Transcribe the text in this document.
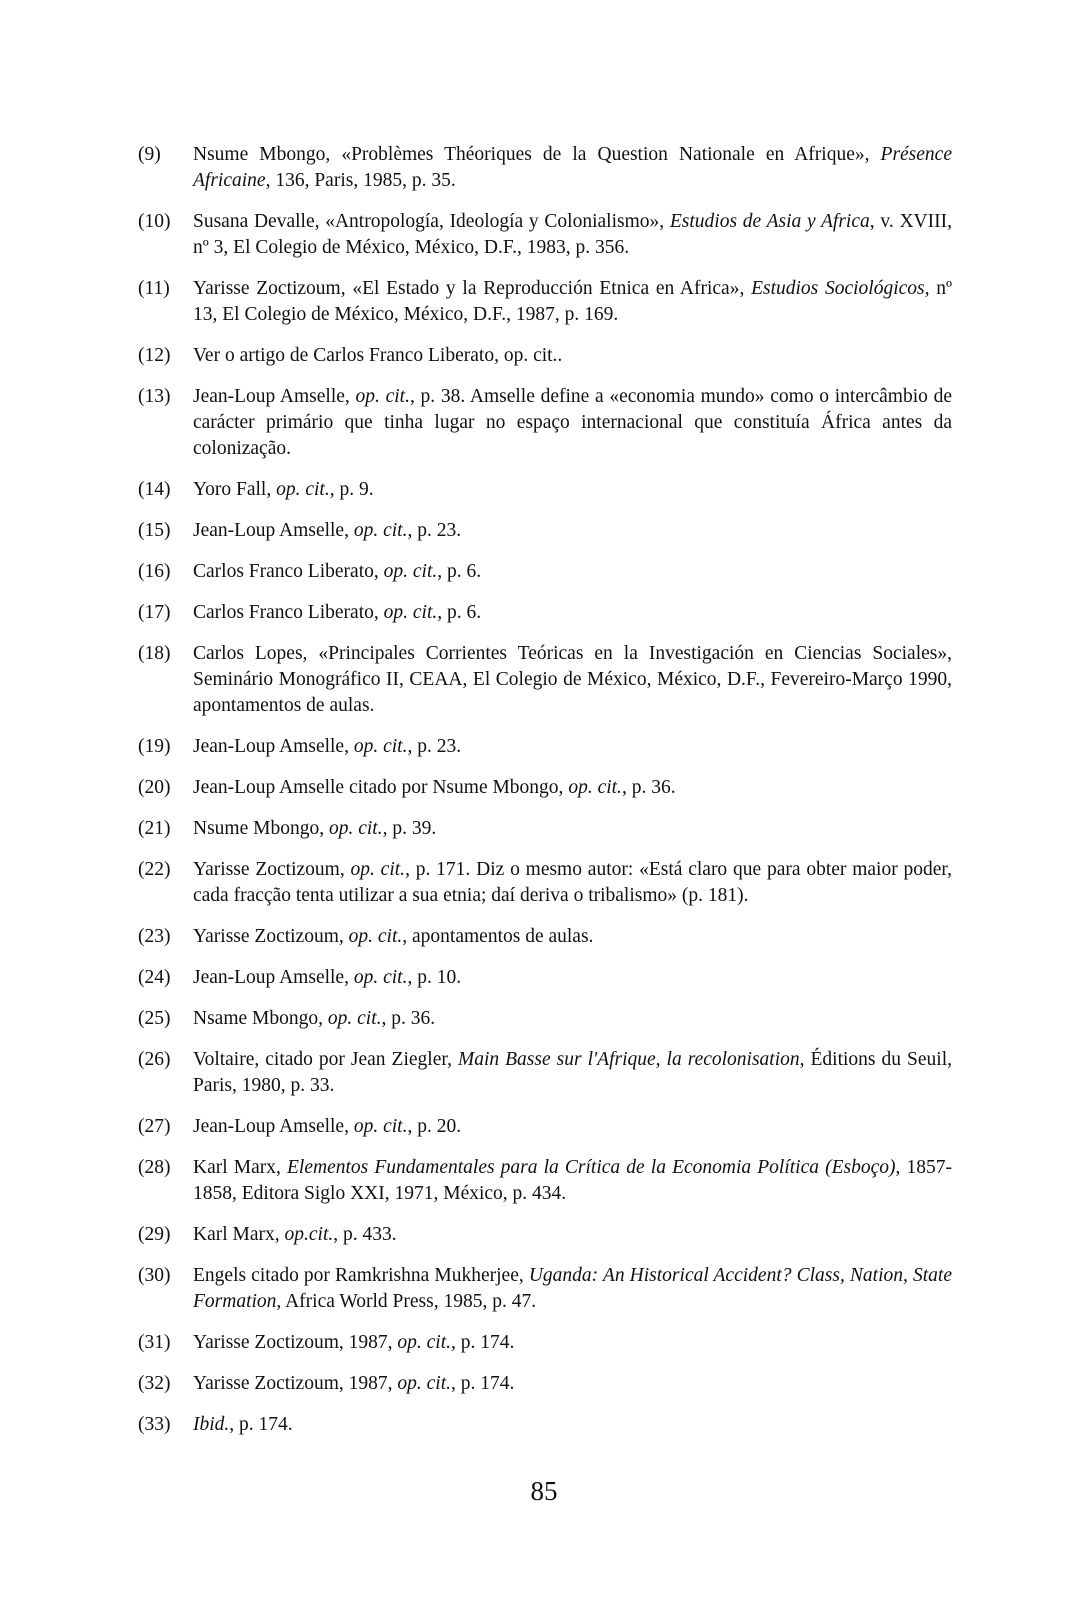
(9)	Nsume Mbongo, «Problèmes Théoriques de la Question Nationale en Afrique», Présence Africaine, 136, Paris, 1985, p. 35.
(10)	Susana Devalle, «Antropología, Ideología y Colonialismo», Estudios de Asia y Africa, v. XVIII, nº 3, El Colegio de México, México, D.F., 1983, p. 356.
(11)	Yarisse Zoctizoum, «El Estado y la Reproducción Etnica en Africa», Estudios Sociológicos, nº 13, El Colegio de México, México, D.F., 1987, p. 169.
(12)	Ver o artigo de Carlos Franco Liberato, op. cit..
(13)	Jean-Loup Amselle, op. cit., p. 38. Amselle define a «economia mundo» como o intercâmbio de carácter primário que tinha lugar no espaço internacional que constituía África antes da colonização.
(14)	Yoro Fall, op. cit., p. 9.
(15)	Jean-Loup Amselle, op. cit., p. 23.
(16)	Carlos Franco Liberato, op. cit., p. 6.
(17)	Carlos Franco Liberato, op. cit., p. 6.
(18)	Carlos Lopes, «Principales Corrientes Teóricas en la Investigación en Ciencias Sociales», Seminário Monográfico II, CEAA, El Colegio de México, México, D.F., Fevereiro-Março 1990, apontamentos de aulas.
(19)	Jean-Loup Amselle, op. cit., p. 23.
(20)	Jean-Loup Amselle citado por Nsume Mbongo, op. cit., p. 36.
(21)	Nsume Mbongo, op. cit., p. 39.
(22)	Yarisse Zoctizoum, op. cit., p. 171. Diz o mesmo autor: «Está claro que para obter maior poder, cada fracção tenta utilizar a sua etnia; daí deriva o tribalismo» (p. 181).
(23)	Yarisse Zoctizoum, op. cit., apontamentos de aulas.
(24)	Jean-Loup Amselle, op. cit., p. 10.
(25)	Nsame Mbongo, op. cit., p. 36.
(26)	Voltaire, citado por Jean Ziegler, Main Basse sur l'Afrique, la recolonisation, Éditions du Seuil, Paris, 1980, p. 33.
(27)	Jean-Loup Amselle, op. cit., p. 20.
(28)	Karl Marx, Elementos Fundamentales para la Crítica de la Economia Política (Esboço), 1857-1858, Editora Siglo XXI, 1971, México, p. 434.
(29)	Karl Marx, op.cit., p. 433.
(30)	Engels citado por Ramkrishna Mukherjee, Uganda: An Historical Accident? Class, Nation, State Formation, Africa World Press, 1985, p. 47.
(31)	Yarisse Zoctizoum, 1987, op. cit., p. 174.
(32)	Yarisse Zoctizoum, 1987, op. cit., p. 174.
(33)	Ibid., p. 174.
85
